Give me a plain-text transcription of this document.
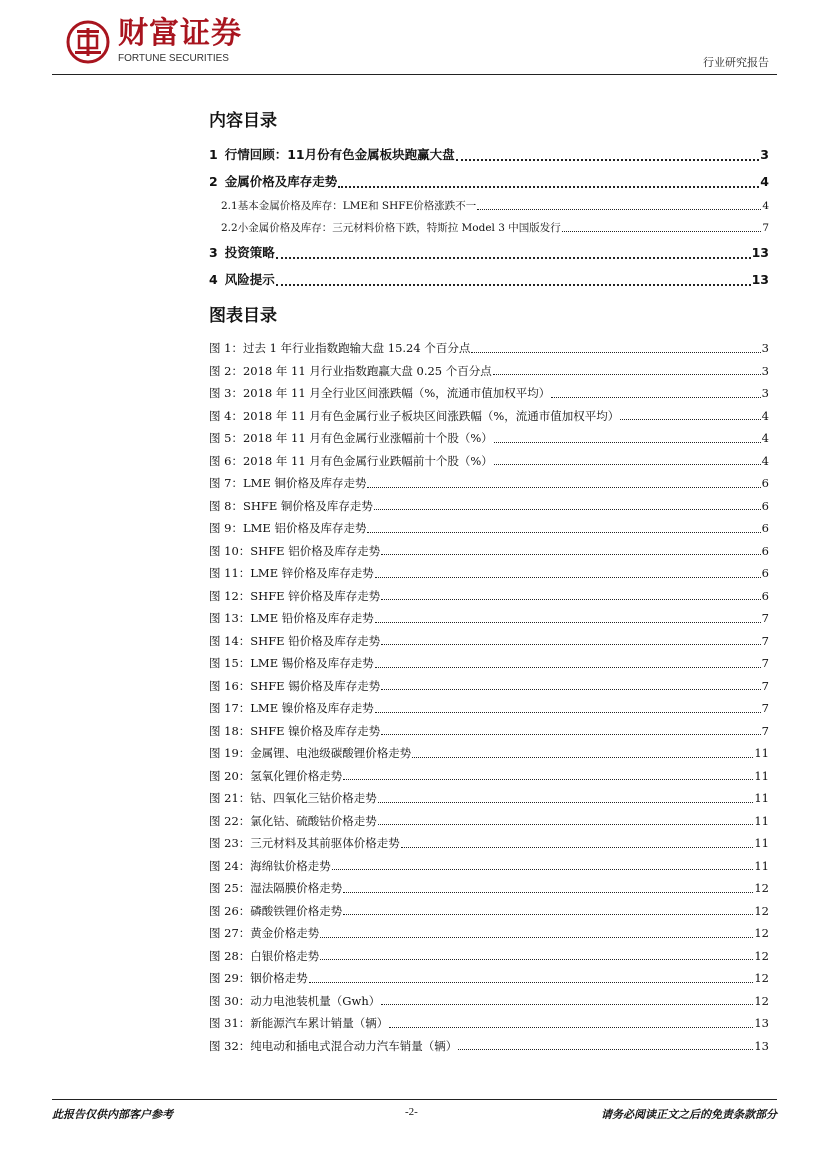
财富证券
FORTUNE SECURITIES	行业研究报告
内容目录
1 行情回顾：11月份有色金属板块跑赢大盘	3
2 金属价格及库存走势	4
2.1基本金属价格及库存：LME和 SHFE价格涨跌不一	4
2.2小金属价格及库存：三元材料价格下跌，特斯拉 Model 3 中国版发行	7
3 投资策略	13
4 风险提示	13
图表目录
图 1：过去 1 年行业指数跑输大盘 15.24 个百分点	3
图 2：2018 年 11 月行业指数跑赢大盘 0.25 个百分点	3
图 3：2018 年 11 月全行业区间涨跌幅（%，流通市值加权平均）	3
图 4：2018 年 11 月有色金属行业子板块区间涨跌幅（%，流通市值加权平均）	4
图 5：2018 年 11 月有色金属行业涨幅前十个股（%）	4
图 6：2018 年 11 月有色金属行业跌幅前十个股（%）	4
图 7：LME 铜价格及库存走势	6
图 8：SHFE 铜价格及库存走势	6
图 9：LME 铝价格及库存走势	6
图 10：SHFE 铝价格及库存走势	6
图 11：LME 锌价格及库存走势	6
图 12：SHFE 锌价格及库存走势	6
图 13：LME 铅价格及库存走势	7
图 14：SHFE 铅价格及库存走势	7
图 15：LME 锡价格及库存走势	7
图 16：SHFE 锡价格及库存走势	7
图 17：LME 镍价格及库存走势	7
图 18：SHFE 镍价格及库存走势	7
图 19：金属锂、电池级碳酸锂价格走势	11
图 20：氢氧化锂价格走势	11
图 21：钴、四氧化三钴价格走势	11
图 22：氯化钴、硫酸钴价格走势	11
图 23：三元材料及其前驱体价格走势	11
图 24：海绵钛价格走势	11
图 25：湿法隔膜价格走势	12
图 26：磷酸铁锂价格走势	12
图 27：黄金价格走势	12
图 28：白银价格走势	12
图 29：铟价格走势	12
图 30：动力电池装机量（Gwh）	12
图 31：新能源汽车累计销量（辆）	13
图 32：纯电动和插电式混合动力汽车销量（辆）	13
此报告仅供内部客户参考	-2-	请务必阅读正文之后的免责条款部分
